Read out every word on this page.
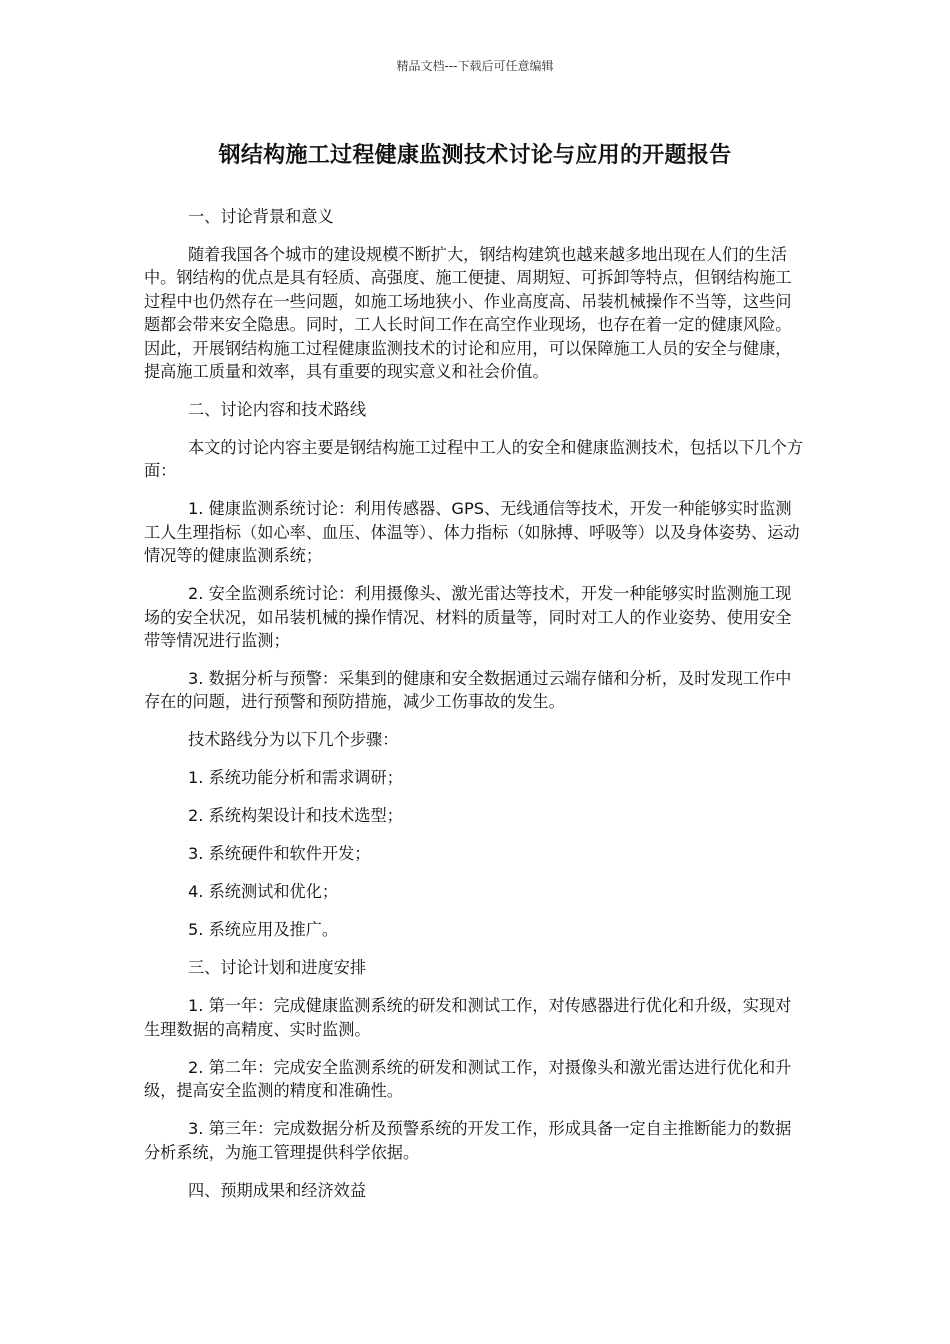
精品文档---下载后可任意编辑
钢结构施工过程健康监测技术讨论与应用的开题报告
一、讨论背景和意义
随着我国各个城市的建设规模不断扩大，钢结构建筑也越来越多地出现在人们的生活中。钢结构的优点是具有轻质、高强度、施工便捷、周期短、可拆卸等特点，但钢结构施工过程中也仍然存在一些问题，如施工场地狭小、作业高度高、吊装机械操作不当等，这些问题都会带来安全隐患。同时，工人长时间工作在高空作业现场，也存在着一定的健康风险。因此，开展钢结构施工过程健康监测技术的讨论和应用，可以保障施工人员的安全与健康，提高施工质量和效率，具有重要的现实意义和社会价值。
二、讨论内容和技术路线
本文的讨论内容主要是钢结构施工过程中工人的安全和健康监测技术，包括以下几个方面：
1. 健康监测系统讨论：利用传感器、GPS、无线通信等技术，开发一种能够实时监测工人生理指标（如心率、血压、体温等）、体力指标（如脉搏、呼吸等）以及身体姿势、运动情况等的健康监测系统；
2. 安全监测系统讨论：利用摄像头、激光雷达等技术，开发一种能够实时监测施工现场的安全状况，如吊装机械的操作情况、材料的质量等，同时对工人的作业姿势、使用安全带等情况进行监测；
3. 数据分析与预警：采集到的健康和安全数据通过云端存储和分析，及时发现工作中存在的问题，进行预警和预防措施，减少工伤事故的发生。
技术路线分为以下几个步骤：
1. 系统功能分析和需求调研；
2. 系统构架设计和技术选型；
3. 系统硬件和软件开发；
4. 系统测试和优化；
5. 系统应用及推广。
三、讨论计划和进度安排
1. 第一年：完成健康监测系统的研发和测试工作，对传感器进行优化和升级，实现对生理数据的高精度、实时监测。
2. 第二年：完成安全监测系统的研发和测试工作，对摄像头和激光雷达进行优化和升级，提高安全监测的精度和准确性。
3. 第三年：完成数据分析及预警系统的开发工作，形成具备一定自主推断能力的数据分析系统，为施工管理提供科学依据。
四、预期成果和经济效益
